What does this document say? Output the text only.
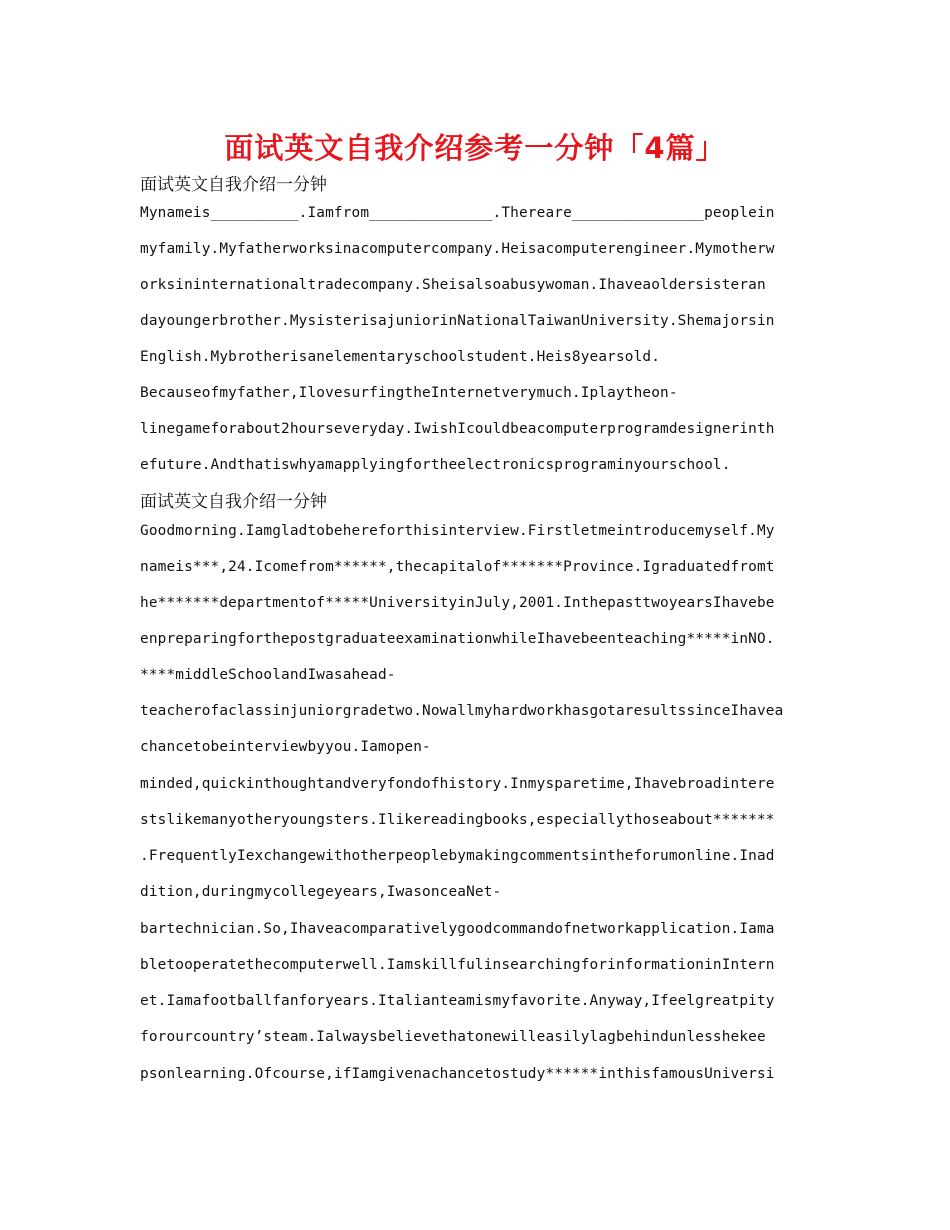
面试英文自我介绍参考一分钟「4篇」
面试英文自我介绍一分钟
Mynameis__________.Iamfrom______________.Thereare_______________peoplein
myfamily.Myfatherworksinacomputercompany.Heisacomputerengineer.Mymotherw
orksininternationaltradecompany.Sheisalsoabusywoman.Ihaveaoldersisteran
dayoungerbrother.MysisterisajuniorinNationalTaiwanUniversity.Shemajorsin
English.Mybrotherisanelementaryschoolstudent.Heis8yearsold.
Becauseofmyfather,IlovesurfingtheInternetverymuch.Iplaytheon-
linegameforabout2hourseveryday.IwishIcouldbeacomputerprogramdesignerinth
efuture.Andthatiswhyamapplyingfortheelectronicsprograminyourschool.
面试英文自我介绍一分钟
Goodmorning.Iamgladtobehereforthisinterview.Firstletmeintroducemyself.My
nameis***,24.Icomefrom******,thecapitalof*******Province.Igraduatedfromt
he*******departmentof*****UniversityinJuly,2001.InthepasttwoyearsIhavebe
enpreparingforthepostgraduateexaminationwhileIhavebeenteaching*****inNO.
****middleSchoolandIwasahead-
teacherofaclassinjuniorgradetwo.NowallmyhardworkhasgotaresultssinceIhavea
chancetobeinterviewbyyou.Iamopen-
minded,quickinthoughtandveryfondofhistory.Inmysparetime,Ihavebroadintere
stslikemanyotheryoungsters.Ilikereadingbooks,especiallythoseabout*******
.FrequentlyIexchangewithotherpeoplebymakingcommentsintheforumonline.Inad
dition,duringmycollegeyears,IwasonceaNet-
bartechnician.So,Ihaveacomparativelygoodcommandofnetworkapplication.Iama
bletooperatethecomputerwell.IamskillfulinsearchingforinformationinIntern
et.Iamafootballfanforyears.Italianteamismyfavorite.Anyway,Ifeelgreatpity
forourcountry’steam.Ialwaysbelievethatonewilleasilylagbehindunlesshekee
psonlearning.Ofcourse,ifIamgivenachancetostudy******inthisfamousUniversi
